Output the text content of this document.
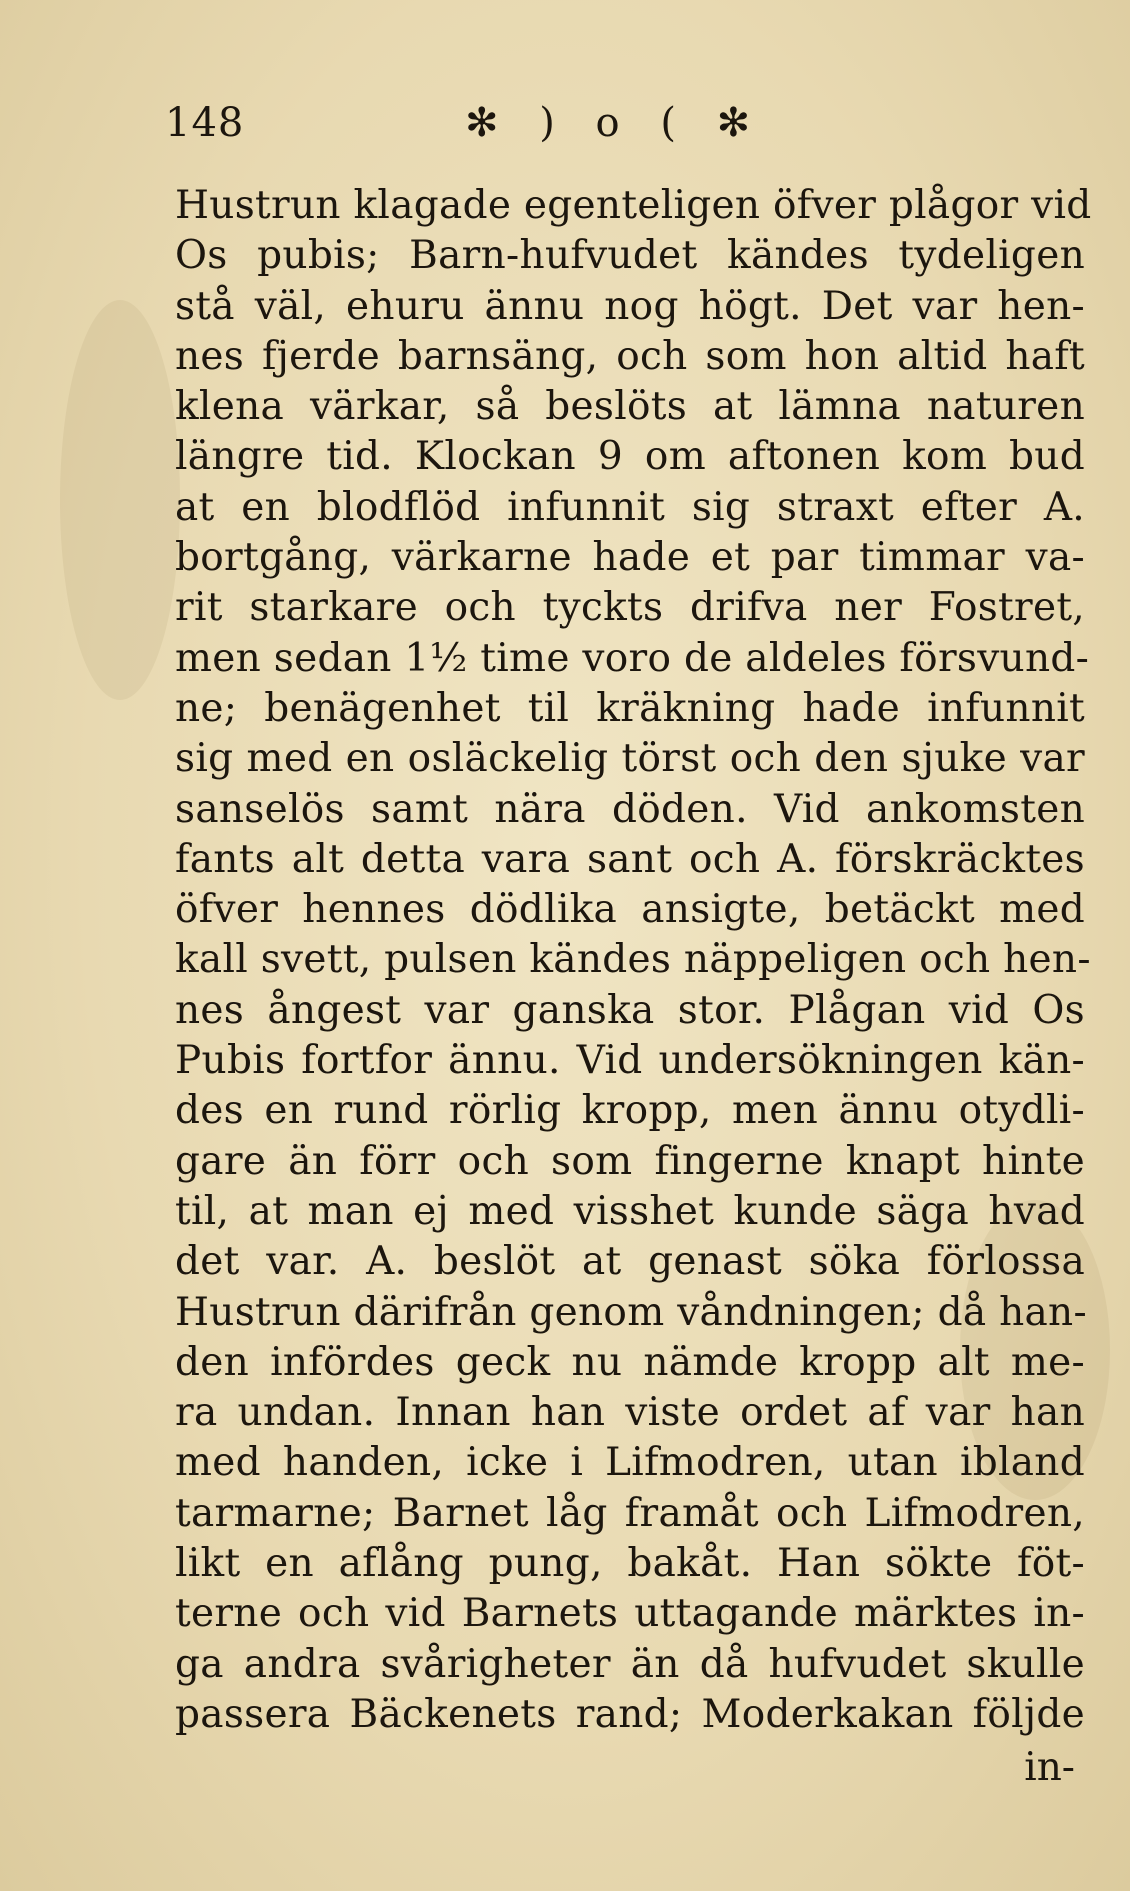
148	✻ ) o ( ✻
Hustrun klagade egenteligen öfver plågor vid
Os pubis; Barn-hufvudet kändes tydeligen
stå väl, ehuru ännu nog högt. Det var hen-
nes fjerde barnsäng, och som hon altid haft
klena värkar, så beslöts at lämna naturen
längre tid. Klockan 9 om aftonen kom bud
at en blodflöd infunnit sig straxt efter A.
bortgång, värkarne hade et par timmar va-
rit starkare och tyckts drifva ner Fostret,
men sedan 1½ time voro de aldeles försvund-
ne; benägenhet til kräkning hade infunnit
sig med en osläckelig törst och den sjuke var
sanselös samt nära döden. Vid ankomsten
fants alt detta vara sant och A. förskräcktes
öfver hennes dödlika ansigte, betäckt med
kall svett, pulsen kändes näppeligen och hen-
nes ångest var ganska stor. Plågan vid Os
Pubis fortfor ännu. Vid undersökningen kän-
des en rund rörlig kropp, men ännu otydli-
gare än förr och som fingerne knapt hinte
til, at man ej med visshet kunde säga hvad
det var. A. beslöt at genast söka förlossa
Hustrun därifrån genom våndningen; då han-
den infördes geck nu nämde kropp alt me-
ra undan. Innan han viste ordet af var han
med handen, icke i Lifmodren, utan ibland
tarmarne; Barnet låg framåt och Lifmodren,
likt en aflång pung, bakåt. Han sökte föt-
terne och vid Barnets uttagande märktes in-
ga andra svårigheter än då hufvudet skulle
passera Bäckenets rand; Moderkakan följde
in-
